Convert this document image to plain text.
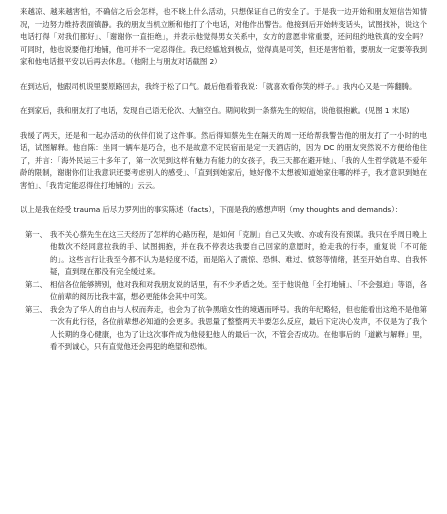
来越凉、越来越害怕，不确信之后会怎样，也不晓上什么活动，只想保证自己的安全了。于是我一边开始和朋友短信告知情况，一边努力维持表面镇静。我的朋友当机立断和他打了个电话，对他作出警告。他接到后开始转变话头，试图找补，说这个电话打得「对我们都好」、「谢谢你一直拒绝」，并表示他觉得男女关系中，女方的意愿非常重要，还问纽约地铁真的安全吗？可同时，他也说要他打地铺，他可并不一定忍得住。我已经尴尬到极点，觉得真是可笑，但还是害怕着，要朋友一定要等我到家和他电话报平安以后再去休息。（他附上与朋友对话截图 2）

在到达后，他跟司机说里要原路回去，我终于松了口气。最后他看着我说：「就喜欢看你笑的样子。」我内心又是一阵翻腾。

在到家后，我和朋友打了电话，发现自己语无伦次、大脑空白。期间收到一条蔡先生的短信，说他很抱歉。(见图 1 末尾)

我缓了两天，还是和一起办活动的伙伴们说了这件事。然后得知蔡先生在隔天的周一还给帮我警告他的朋友打了一小时的电话，试图解释。他自陈：坐同一辆车是巧合，也不是故意不定民宿而是定一天酒店的，因为 DC 的朋友突然说不方便给他住了，并言：「海外民运三十多年了，第一次见到这样有魅力有能力的女孩子，我三天都在避开她」、「我的人生哲学就是不爱年龄的限制，谢谢你们让我意识还要考虑别人的感受」、「直到到她家后，她好像不太想被知道她家住哪的样子，我才意识到她在害怕」、「我肯定能忍得住打地铺的」云云。

以上是我在经受 trauma 后尽力罗列出的事实陈述（facts），下面是我的感想声明（my thoughts and demands）：

第一、 我不关心蔡先生在这三天经历了怎样的心路历程，是如何「克制」自己又失败、亦或有没有预谋。我只在乎周日晚上他数次不经同意拉我的手、试图拥抱，并在我不停表达我要自己回家的意愿时，抢走我的行李，重复说「不可能的」。这些言行让我至今都不认为是轻度不适，而是陷入了震惊、恐惧、难过、愤怒等情绪，甚至开始自卑、自我怀疑，直到现在都没有完全缓过来。
第二、 相信各位能够辨别，他对我和对我朋友说的话里，有不少矛盾之处。至于他说他「全打地铺」、「不会强迫」等语，各位前辈的阅历比我丰富，想必更能体会其中可笑。
第三、 我会为了华人的自由与人权而奔走，也会为了抗争黑暗女性的境遇而呼号。我的年纪略轻，但也能看出这绝不是他第一次有此行径，各位前辈想必知道的会更多。我思量了整整两天半要怎么反应，最后下定决心发声，不仅是为了我个人长期的身心健康，也为了让这次事件成为他侵犯他人的最后一次，不管会否成功。在他事后的「道歉与解释」里，看不到诚心，只有直觉他还会再犯的绝望和恐怖。
